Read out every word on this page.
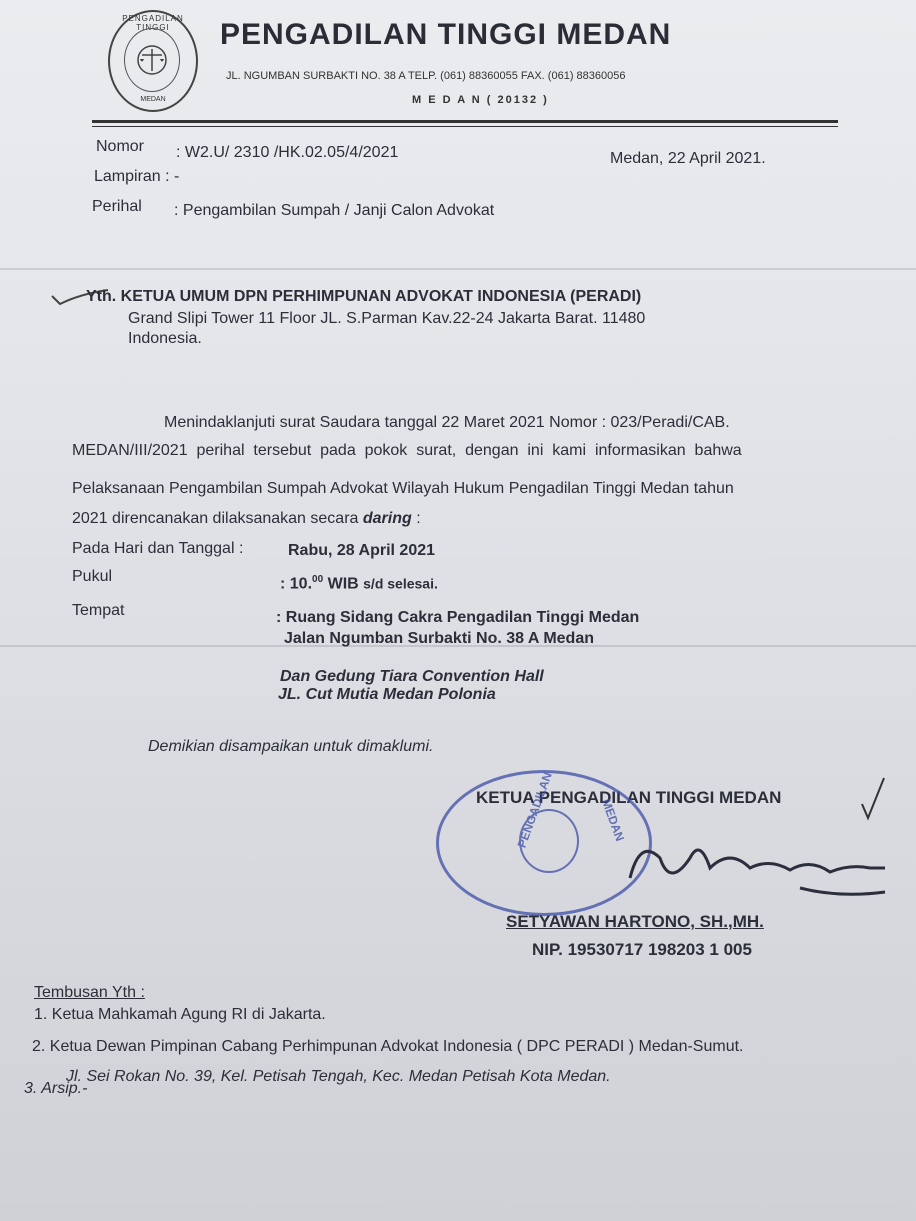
PENGADILAN TINGGI
MEDAN
PENGADILAN TINGGI MEDAN
JL. NGUMBAN SURBAKTI NO. 38 A TELP. (061) 88360055 FAX. (061) 88360056
M E D A N ( 20132 )
Nomor : W2.U/ 2310 /HK.02.05/4/2021	Medan, 22 April 2021.
Lampiran : -
Perihal : Pengambilan Sumpah / Janji Calon Advokat
Yth. KETUA UMUM DPN PERHIMPUNAN ADVOKAT INDONESIA (PERADI)
Grand Slipi Tower 11 Floor JL. S.Parman Kav.22-24 Jakarta Barat. 11480
Indonesia.
Menindaklanjuti surat Saudara tanggal 22 Maret 2021 Nomor : 023/Peradi/CAB.
MEDAN/III/2021  perihal  tersebut  pada  pokok  surat,  dengan  ini  kami  informasikan  bahwa
Pelaksanaan Pengambilan Sumpah Advokat Wilayah Hukum Pengadilan Tinggi Medan tahun
2021 direncanakan dilaksanakan secara daring :
Pada Hari dan Tanggal :	Rabu, 28 April 2021
Pukul	: 10.00 WIB s/d selesai.
Tempat	: Ruang Sidang Cakra Pengadilan Tinggi Medan
Jalan Ngumban Surbakti No. 38 A Medan
Dan Gedung Tiara Convention Hall
JL. Cut Mutia Medan Polonia
Demikian disampaikan untuk dimaklumi.
KETUA PENGADILAN TINGGI MEDAN
PENGADILAN	MEDAN
SETYAWAN HARTONO, SH.,MH.
NIP. 19530717 198203 1 005
Tembusan Yth :
1. Ketua Mahkamah Agung RI di Jakarta.
2. Ketua Dewan Pimpinan Cabang Perhimpunan Advokat Indonesia ( DPC PERADI ) Medan-Sumut.
Jl. Sei Rokan No. 39, Kel. Petisah Tengah, Kec. Medan Petisah Kota Medan.
3. Arsip.-
